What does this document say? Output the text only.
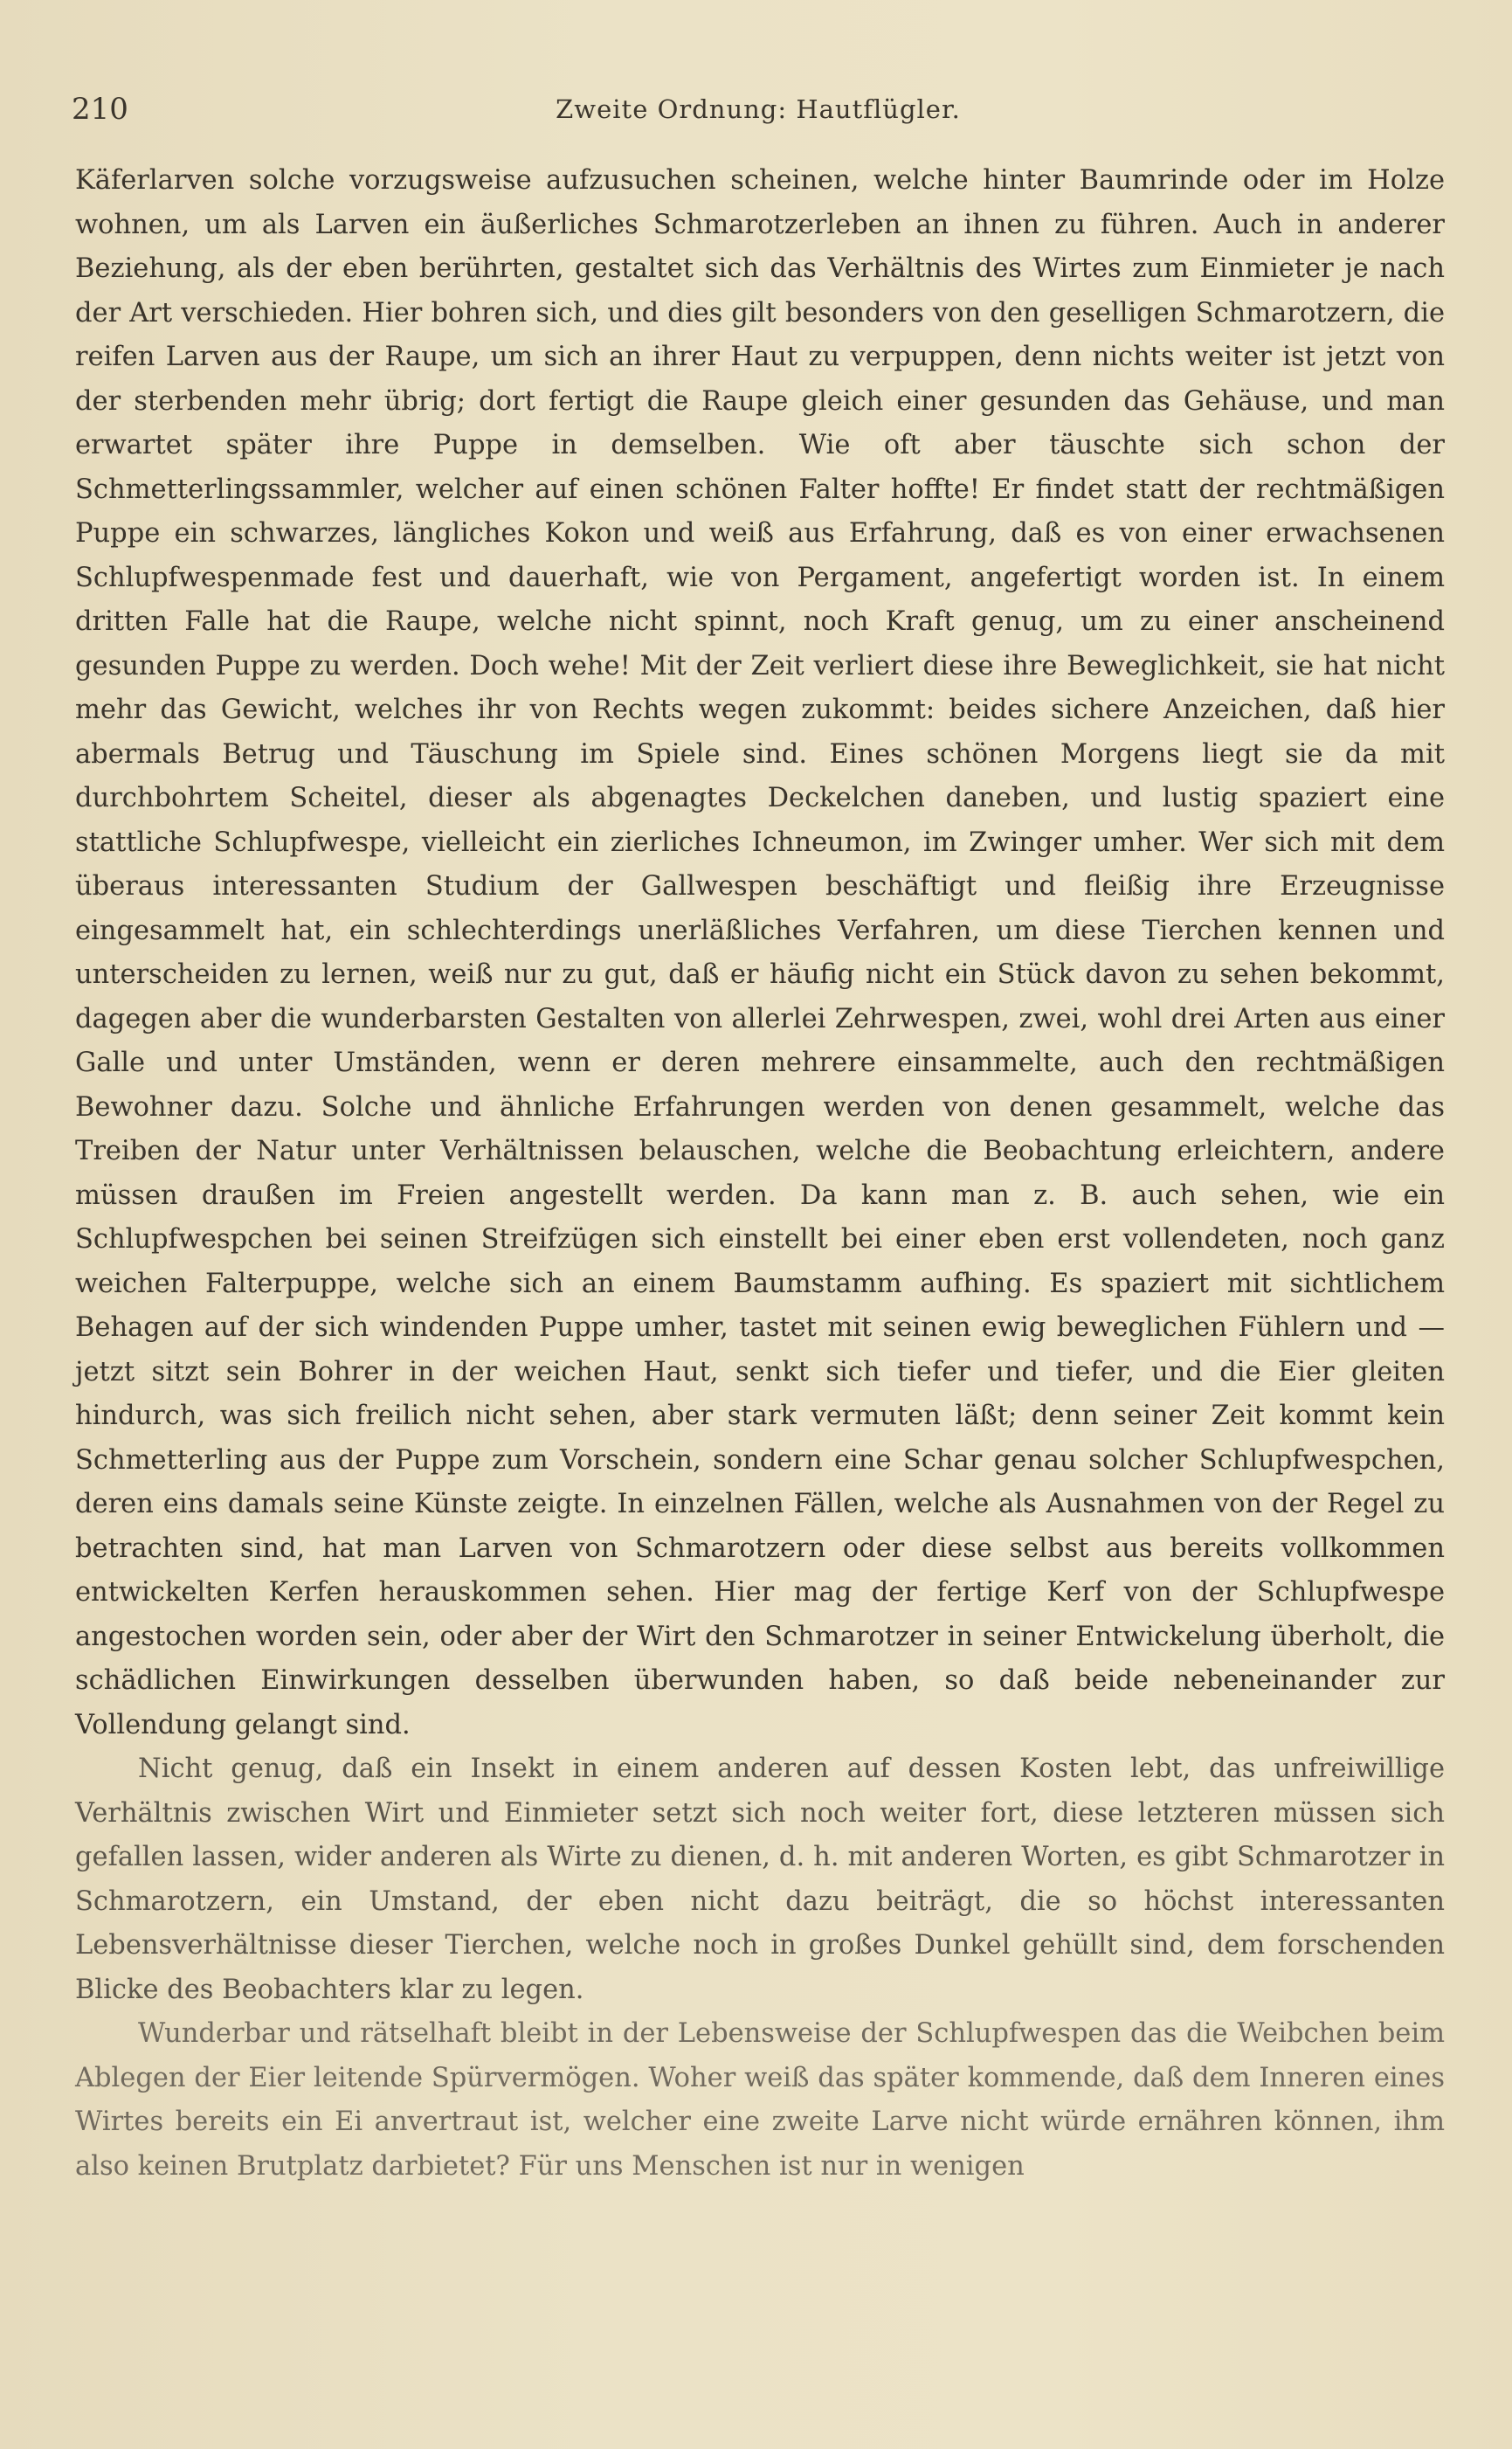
210	Zweite Ordnung: Hautflügler.

Käferlarven solche vorzugsweise aufzusuchen scheinen, welche hinter Baumrinde oder im Holze wohnen, um als Larven ein äußerliches Schmarotzerleben an ihnen zu führen. Auch in anderer Beziehung, als der eben berührten, gestaltet sich das Verhältnis des Wirtes zum Einmieter je nach der Art verschieden. Hier bohren sich, und dies gilt besonders von den geselligen Schmarotzern, die reifen Larven aus der Raupe, um sich an ihrer Haut zu verpuppen, denn nichts weiter ist jetzt von der sterbenden mehr übrig; dort fertigt die Raupe gleich einer gesunden das Gehäuse, und man erwartet später ihre Puppe in demselben. Wie oft aber täuschte sich schon der Schmetterlingssammler, welcher auf einen schönen Falter hoffte! Er findet statt der rechtmäßigen Puppe ein schwarzes, längliches Kokon und weiß aus Erfahrung, daß es von einer erwachsenen Schlupfwespenmade fest und dauerhaft, wie von Pergament, angefertigt worden ist. In einem dritten Falle hat die Raupe, welche nicht spinnt, noch Kraft genug, um zu einer anscheinend gesunden Puppe zu werden. Doch wehe! Mit der Zeit verliert diese ihre Beweglichkeit, sie hat nicht mehr das Gewicht, welches ihr von Rechts wegen zukommt: beides sichere Anzeichen, daß hier abermals Betrug und Täuschung im Spiele sind. Eines schönen Morgens liegt sie da mit durchbohrtem Scheitel, dieser als abgenagtes Deckelchen daneben, und lustig spaziert eine stattliche Schlupfwespe, vielleicht ein zierliches Ichneumon, im Zwinger umher. Wer sich mit dem überaus interessanten Studium der Gallwespen beschäftigt und fleißig ihre Erzeugnisse eingesammelt hat, ein schlechterdings unerläßliches Verfahren, um diese Tierchen kennen und unterscheiden zu lernen, weiß nur zu gut, daß er häufig nicht ein Stück davon zu sehen bekommt, dagegen aber die wunderbarsten Gestalten von allerlei Zehrwespen, zwei, wohl drei Arten aus einer Galle und unter Umständen, wenn er deren mehrere einsammelte, auch den rechtmäßigen Bewohner dazu. Solche und ähnliche Erfahrungen werden von denen gesammelt, welche das Treiben der Natur unter Verhältnissen belauschen, welche die Beobachtung erleichtern, andere müssen draußen im Freien angestellt werden. Da kann man z. B. auch sehen, wie ein Schlupfwespchen bei seinen Streifzügen sich einstellt bei einer eben erst vollendeten, noch ganz weichen Falterpuppe, welche sich an einem Baumstamm aufhing. Es spaziert mit sichtlichem Behagen auf der sich windenden Puppe umher, tastet mit seinen ewig beweglichen Fühlern und — jetzt sitzt sein Bohrer in der weichen Haut, senkt sich tiefer und tiefer, und die Eier gleiten hindurch, was sich freilich nicht sehen, aber stark vermuten läßt; denn seiner Zeit kommt kein Schmetterling aus der Puppe zum Vorschein, sondern eine Schar genau solcher Schlupfwespchen, deren eins damals seine Künste zeigte. In einzelnen Fällen, welche als Ausnahmen von der Regel zu betrachten sind, hat man Larven von Schmarotzern oder diese selbst aus bereits vollkommen entwickelten Kerfen herauskommen sehen. Hier mag der fertige Kerf von der Schlupfwespe angestochen worden sein, oder aber der Wirt den Schmarotzer in seiner Entwickelung überholt, die schädlichen Einwirkungen desselben überwunden haben, so daß beide nebeneinander zur Vollendung gelangt sind.

Nicht genug, daß ein Insekt in einem anderen auf dessen Kosten lebt, das unfreiwillige Verhältnis zwischen Wirt und Einmieter setzt sich noch weiter fort, diese letzteren müssen sich gefallen lassen, wider anderen als Wirte zu dienen, d. h. mit anderen Worten, es gibt Schmarotzer in Schmarotzern, ein Umstand, der eben nicht dazu beiträgt, die so höchst interessanten Lebensverhältnisse dieser Tierchen, welche noch in großes Dunkel gehüllt sind, dem forschenden Blicke des Beobachters klar zu legen.

Wunderbar und rätselhaft bleibt in der Lebensweise der Schlupfwespen das die Weibchen beim Ablegen der Eier leitende Spürvermögen. Woher weiß das später kommende, daß dem Inneren eines Wirtes bereits ein Ei anvertraut ist, welcher eine zweite Larve nicht würde ernähren können, ihm also keinen Brutplatz darbietet? Für uns Menschen ist nur in wenigen
